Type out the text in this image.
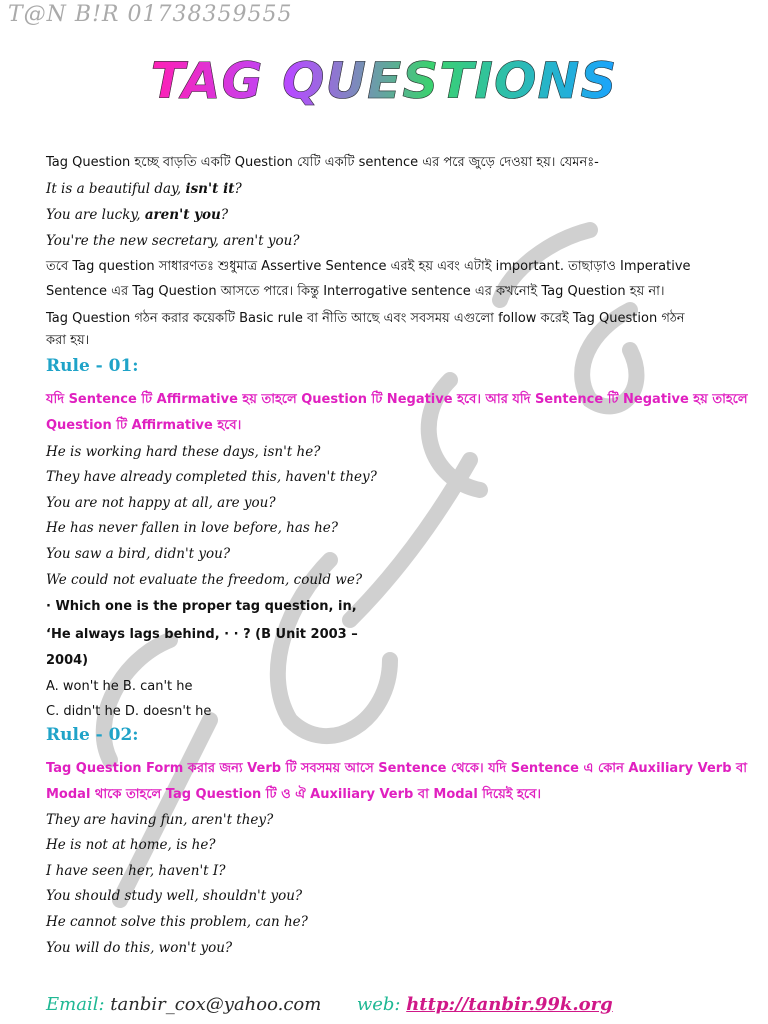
T@N B!R 01738359555
TAG QUESTIONS
Tag Question হচ্ছে বাড়তি একটি Question যেটি একটি sentence এর পরে জুড়ে দেওয়া হয়। যেমনঃ-
It is a beautiful day, isn't it?
You are lucky, aren't you?
You're the new secretary, aren't you?
তবে Tag question সাধারণতঃ শুধুমাত্র Assertive Sentence এরই হয় এবং এটাই important. তাছাড়াও Imperative
Sentence এর Tag Question আসতে পারে। কিন্তু Interrogative sentence এর কখনোই Tag Question হয় না।
Tag Question গঠন করার কয়েকটি Basic rule বা নীতি আছে এবং সবসময় এগুলো follow করেই Tag Question গঠন
করা হয়।
Rule - 01:
যদি Sentence টি Affirmative হয় তাহলে Question টি Negative হবে। আর যদি Sentence টি Negative হয় তাহলে
Question টি Affirmative হবে।
He is working hard these days, isn't he?
They have already completed this, haven't they?
You are not happy at all, are you?
He has never fallen in love before, has he?
You saw a bird, didn't you?
We could not evaluate the freedom, could we?
· Which one is the proper tag question, in,
‘He always lags behind, · · ? (B Unit 2003 –
2004)
A. won't he B. can't he
C. didn't he D. doesn't he
Rule - 02:
Tag Question Form করার জন্য Verb টি সবসময় আসে Sentence থেকে। যদি Sentence এ কোন Auxiliary Verb বা
Modal থাকে তাহলে Tag Question টি ও ঐ Auxiliary Verb বা Modal দিয়েই হবে।
They are having fun, aren't they?
He is not at home, is he?
I have seen her, haven't I?
You should study well, shouldn't you?
He cannot solve this problem, can he?
You will do this, won't you?
Email: tanbir_cox@yahoo.com web: http://tanbir.99k.org
